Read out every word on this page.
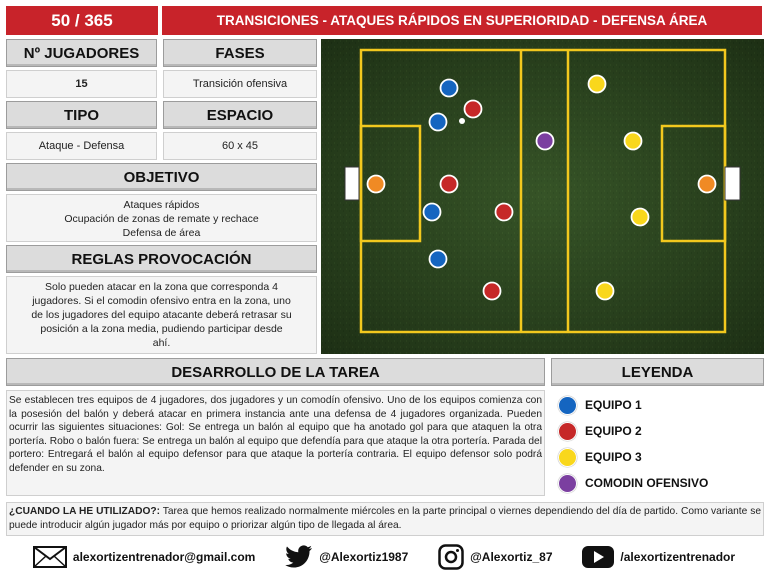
50 / 365	TRANSICIONES - ATAQUES RÁPIDOS EN SUPERIORIDAD - DEFENSA ÁREA
Nº JUGADORES	FASES
15	Transición ofensiva
TIPO	ESPACIO
Ataque - Defensa	60 x 45
OBJETIVO
Ataques rápidos
Ocupación de zonas de remate y rechace
Defensa de área
REGLAS PROVOCACIÓN
Solo pueden atacar en la zona que corresponda 4
jugadores. Si el comodin ofensivo entra en la zona, uno
de los jugadores del equipo atacante deberá retrasar su
posición a la zona media, pudiendo participar desde
ahí.
DESARROLLO DE LA TAREA
Se establecen tres equipos de 4 jugadores, dos jugadores y un comodín ofensivo. Uno de los equipos comienza con la posesión del balón y deberá atacar en primera instancia ante una defensa de 4 jugadores organizada. Pueden ocurrir las siguientes situaciones: Gol: Se entrega un balón al equipo que ha anotado gol para que ataquen la otra portería. Robo o balón fuera: Se entrega un balón al equipo que defendía para que ataque la otra portería. Parada del portero: Entregará el balón al equipo defensor para que ataque la portería contraria. El equipo defensor solo podrá defender en su zona.
LEYENDA
EQUIPO 1
EQUIPO 2
EQUIPO 3
COMODIN OFENSIVO
¿CUANDO LA HE UTILIZADO?: Tarea que hemos realizado normalmente miércoles en la parte principal o viernes dependiendo del día de partido. Como variante se puede introducir algún jugador más por equipo o priorizar algún tipo de llegada al área.
alexortizentrenador@gmail.com	@Alexortiz1987	@Alexortiz_87	/alexortizentrenador
